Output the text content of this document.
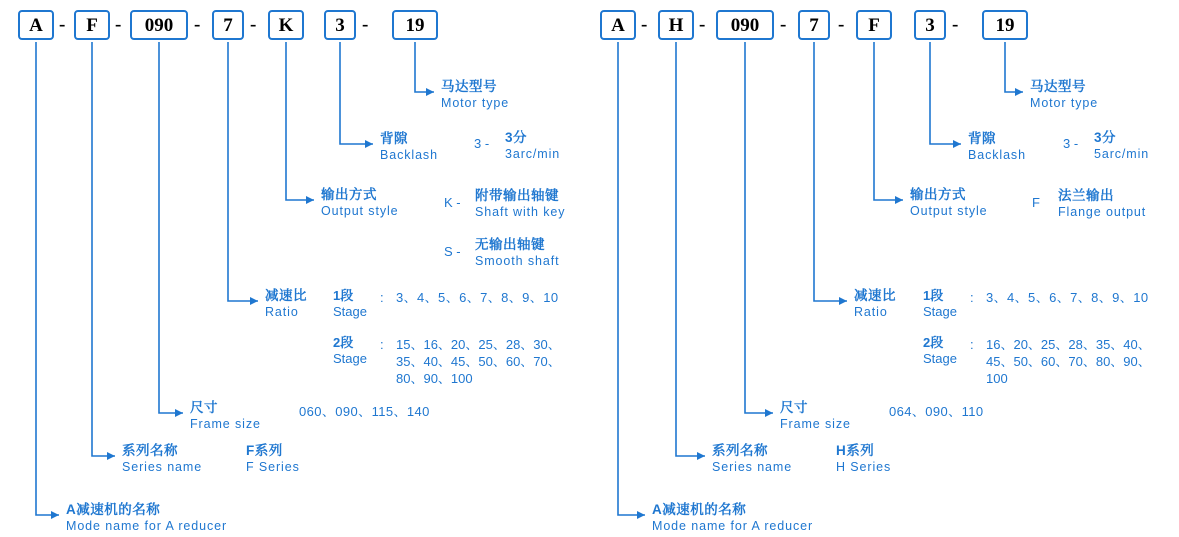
A	F	090	7	K	3	19
-	-	-	-	-
马达型号
Motor type
背隙
Backlash
3 - 3分
3arc/min
输出方式
Output style
K - 附带输出轴键
Shaft with key
S - 无输出轴键
Smooth shaft
减速比
Ratio
1段
Stage
: 3、4、5、6、7、8、9、10
2段
Stage
: 15、16、20、25、28、30、
35、40、45、50、60、70、
80、90、100
尺寸
Frame size
060、090、115、140
系列名称
Series name
F系列
F Series
A减速机的名称
Mode name for A reducer
A	H	090	7	F	3	19
-	-	-	-	-
马达型号
Motor type
背隙
Backlash
3 - 3分
5arc/min
输出方式
Output style
F 法兰输出
Flange output
减速比
Ratio
1段
Stage
: 3、4、5、6、7、8、9、10
2段
Stage
: 16、20、25、28、35、40、
45、50、60、70、80、90、
100
尺寸
Frame size
064、090、110
系列名称
Series name
H系列
H Series
A减速机的名称
Mode name for A reducer
